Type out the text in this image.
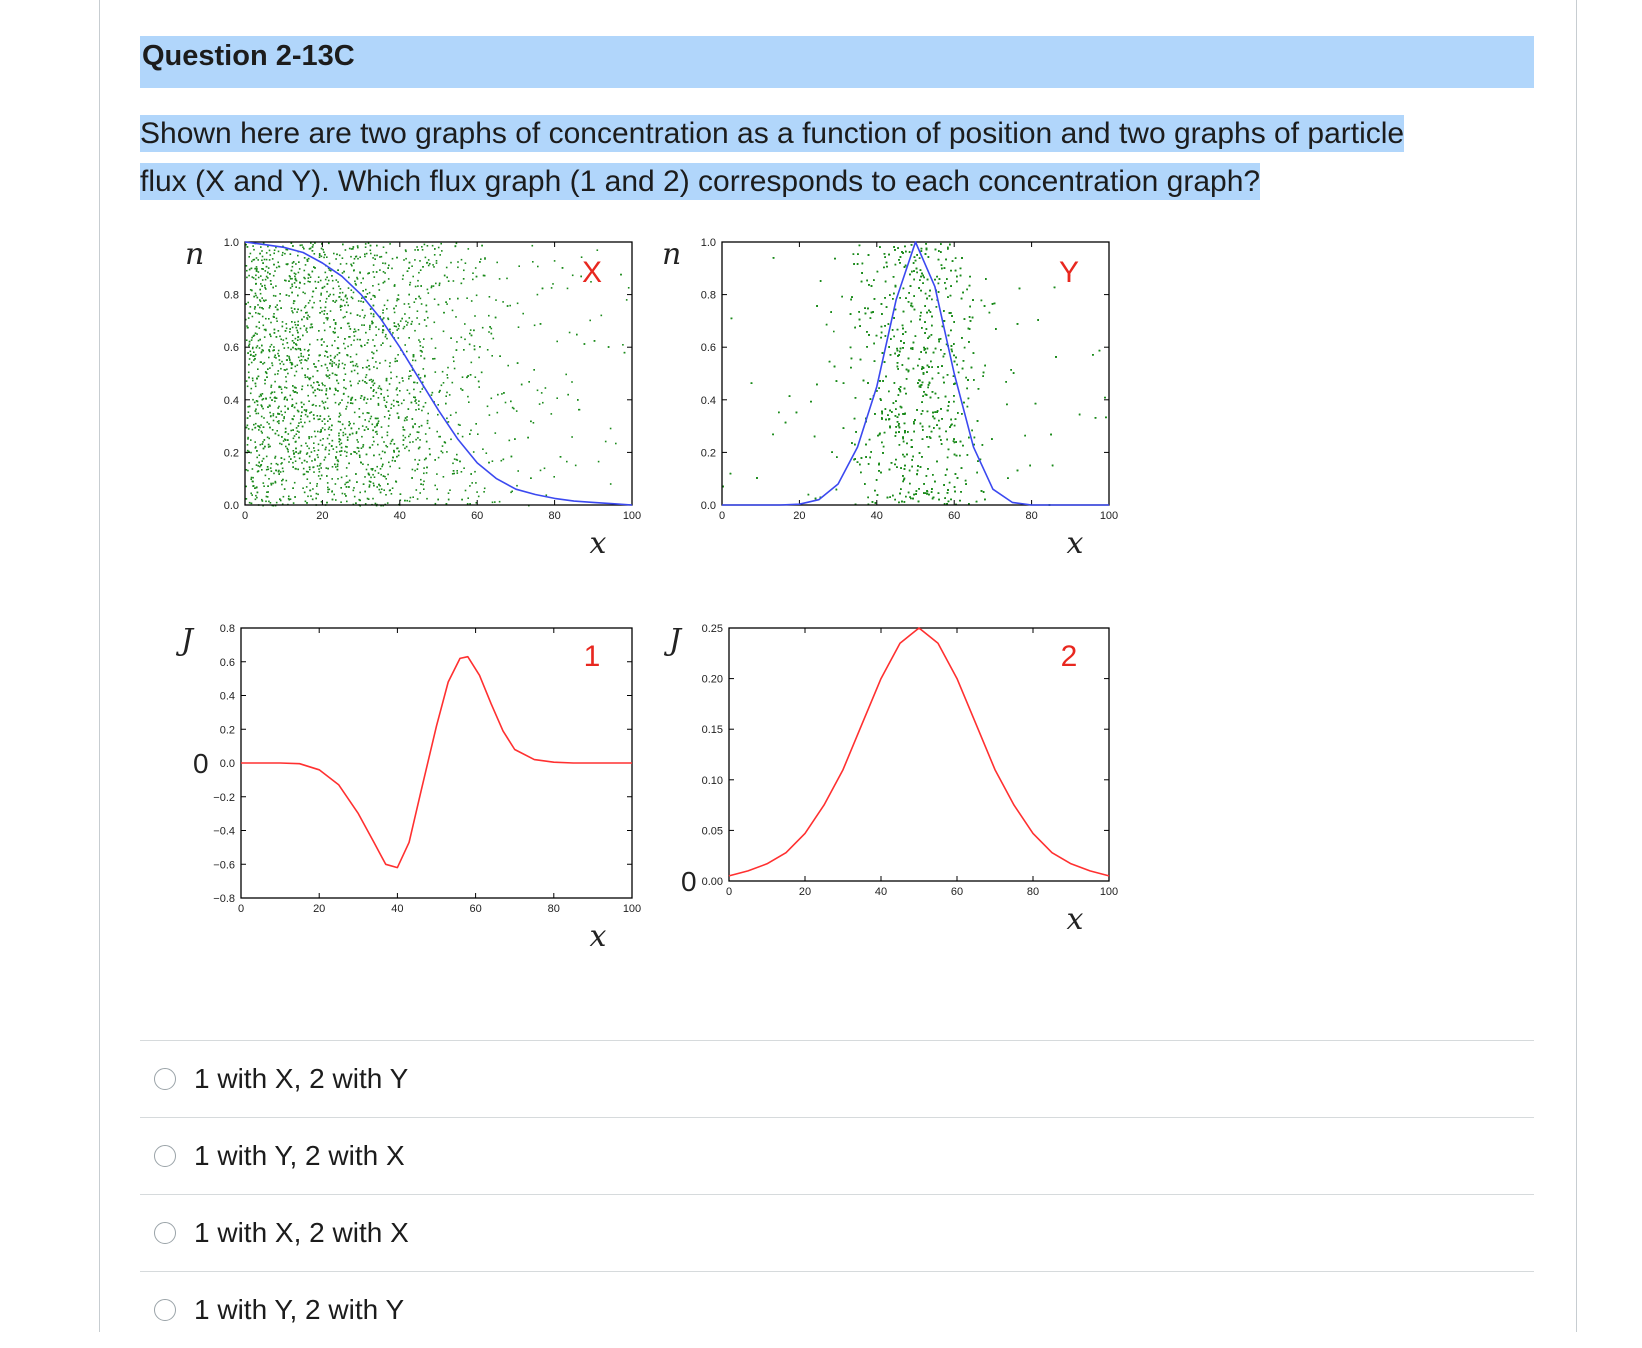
Question 2-13C
Shown here are two graphs of concentration as a function of position and two graphs of particle
flux (X and Y). Which flux graph (1 and 2) corresponds to each concentration graph?
0	20	40	60	80	100
0.0
0.2
0.4
0.6
0.8
1.0
X
n
x
0	20	40	60	80	100
0.0
0.2
0.4
0.6
0.8
1.0
Y
n
x
0	20	40	60	80	100
−0.8
−0.6
−0.4
−0.2
0.0
0.2
0.4
0.6
0.8
1
J
x
0
0	20	40	60	80	100
0.00
0.05
0.10
0.15
0.20
0.25
2
J
x
0
1 with X, 2 with Y
1 with Y, 2 with X
1 with X, 2 with X
1 with Y, 2 with Y
